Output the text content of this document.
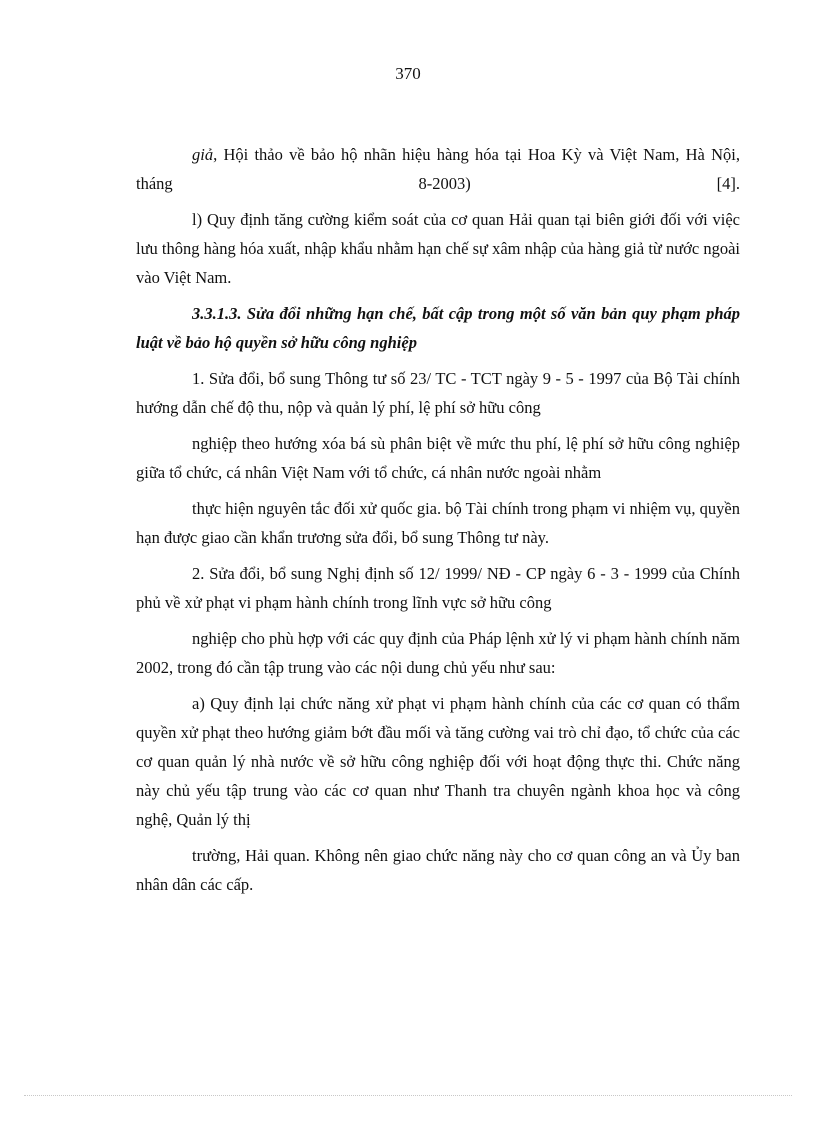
370

giả, Hội thảo về bảo hộ nhãn hiệu hàng hóa tại Hoa Kỳ và Việt Nam, Hà Nội, tháng 8-2003) [4].

l) Quy định tăng cường kiểm soát của cơ quan Hải quan tại biên giới đối với việc lưu thông hàng hóa xuất, nhập khẩu nhằm hạn chế sự xâm nhập của hàng giả từ nước ngoài vào Việt Nam.

3.3.1.3. Sửa đổi những hạn chế, bất cập trong một số văn bản quy phạm pháp luật về bảo hộ quyền sở hữu công nghiệp

1. Sửa đổi, bổ sung Thông tư số 23/ TC - TCT ngày 9 - 5 - 1997 của Bộ Tài chính hướng dẫn chế độ thu, nộp và quản lý phí, lệ phí sở hữu công

nghiệp theo hướng xóa bá sù phân biệt về mức thu phí, lệ phí sở hữu công nghiệp giữa tổ chức, cá nhân Việt Nam với tổ chức, cá nhân nước ngoài nhằm

thực hiện nguyên tắc đối xử quốc gia. bộ Tài chính trong phạm vi nhiệm vụ, quyền hạn được giao cần khẩn trương sửa đổi, bổ sung Thông tư này.

2. Sửa đổi, bổ sung Nghị định số 12/ 1999/ NĐ - CP ngày 6 - 3 - 1999 của Chính phủ về xử phạt vi phạm hành chính trong lĩnh vực sở hữu công

nghiệp cho phù hợp với các quy định của Pháp lệnh xử lý vi phạm hành chính năm 2002, trong đó cần tập trung vào các nội dung chủ yếu như sau:

a) Quy định lại chức năng xử phạt vi phạm hành chính của các cơ quan có thẩm quyền xử phạt theo hướng giảm bớt đầu mối và tăng cường vai trò chỉ đạo, tổ chức của các cơ quan quản lý nhà nước về sở hữu công nghiệp đối với hoạt động thực thi. Chức năng này chủ yếu tập trung vào các cơ quan như Thanh tra chuyên ngành khoa học và công nghệ, Quản lý thị

trường, Hải quan. Không nên giao chức năng này cho cơ quan công an và Ủy ban nhân dân các cấp.
